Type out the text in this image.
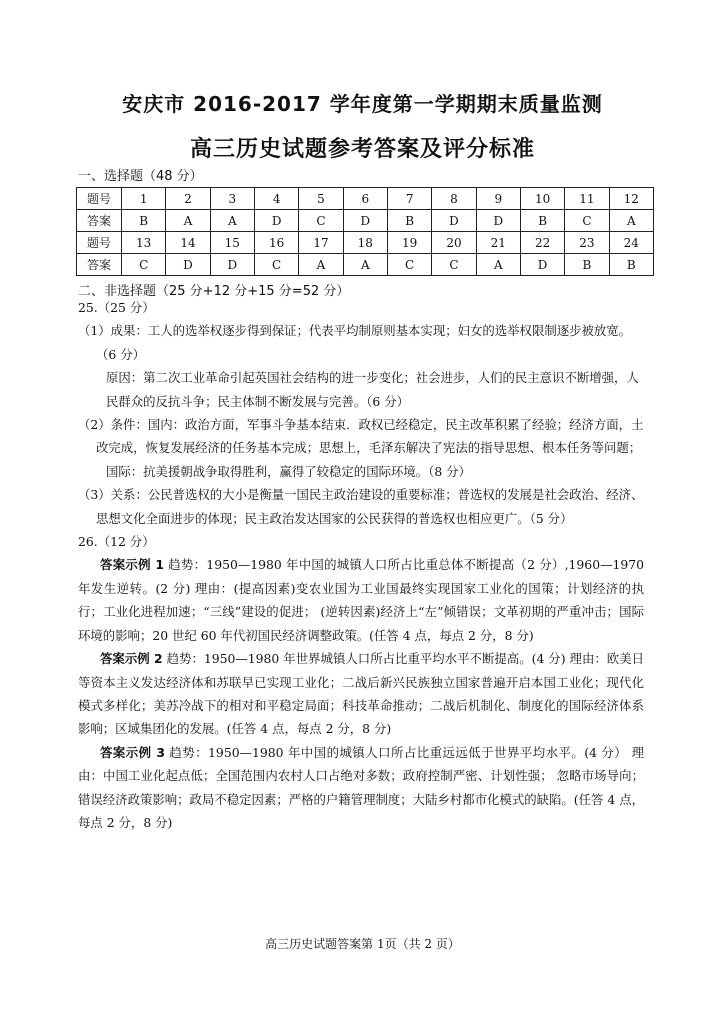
安庆市 2016-2017 学年度第一学期期末质量监测
高三历史试题参考答案及评分标准
一、选择题（48 分）
题号	1	2	3	4	5	6	7	8	9	10	11	12
答案	B	A	A	D	C	D	B	D	D	B	C	A
题号	13	14	15	16	17	18	19	20	21	22	23	24
答案	C	D	D	C	A	A	C	C	A	D	B	B
二、非选择题（25 分+12 分+15 分=52 分）

25.（25 分）

（1）成果：工人的选举权逐步得到保证；代表平均制原则基本实现；妇女的选举权限制逐步被放宽。（6 分）

原因：第二次工业革命引起英国社会结构的进一步变化；社会进步，人们的民主意识不断增强，人民群众的反抗斗争；民主体制不断发展与完善。（6 分）

（2）条件：国内：政治方面，军事斗争基本结束．政权已经稳定，民主改革积累了经验；经济方面，土改完成，恢复发展经济的任务基本完成；思想上，毛泽东解决了宪法的指导思想、根本任务等问题；

国际：抗美援朝战争取得胜利，赢得了较稳定的国际环境。（8 分）

（3）关系：公民普选权的大小是衡量一国民主政治建设的重要标准；普选权的发展是社会政治、经济、思想文化全面进步的体现；民主政治发达国家的公民获得的普选权也相应更广。（5 分）

26.（12 分）

答案示例 1 趋势：1950—1980 年中国的城镇人口所占比重总体不断提高（2 分）,1960—1970 年发生逆转。(2 分) 理由：(提高因素)变农业国为工业国最终实现国家工业化的国策；计划经济的执行；工业化进程加速；“三线”建设的促进； (逆转因素)经济上“左”倾错误；文革初期的严重冲击；国际环境的影响；20 世纪 60 年代初国民经济调整政策。(任答 4 点，每点 2 分，8 分)

答案示例 2 趋势：1950—1980 年世界城镇人口所占比重平均水平不断提高。(4 分) 理由：欧美日等资本主义发达经济体和苏联早已实现工业化；二战后新兴民族独立国家普遍开启本国工业化；现代化模式多样化；美苏冷战下的相对和平稳定局面；科技革命推动；二战后机制化、制度化的国际经济体系影响；区域集团化的发展。(任答 4 点，每点 2 分，8 分)

答案示例 3 趋势：1950—1980 年中国的城镇人口所占比重远远低于世界平均水平。(4 分） 理由：中国工业化起点低；全国范围内农村人口占绝对多数；政府控制严密、计划性强； 忽略市场导向；错误经济政策影响；政局不稳定因素；严格的户籍管理制度；大陆乡村都市化模式的缺陷。(任答 4 点，每点 2 分，8 分)

高三历史试题答案第 1页（共 2 页）
